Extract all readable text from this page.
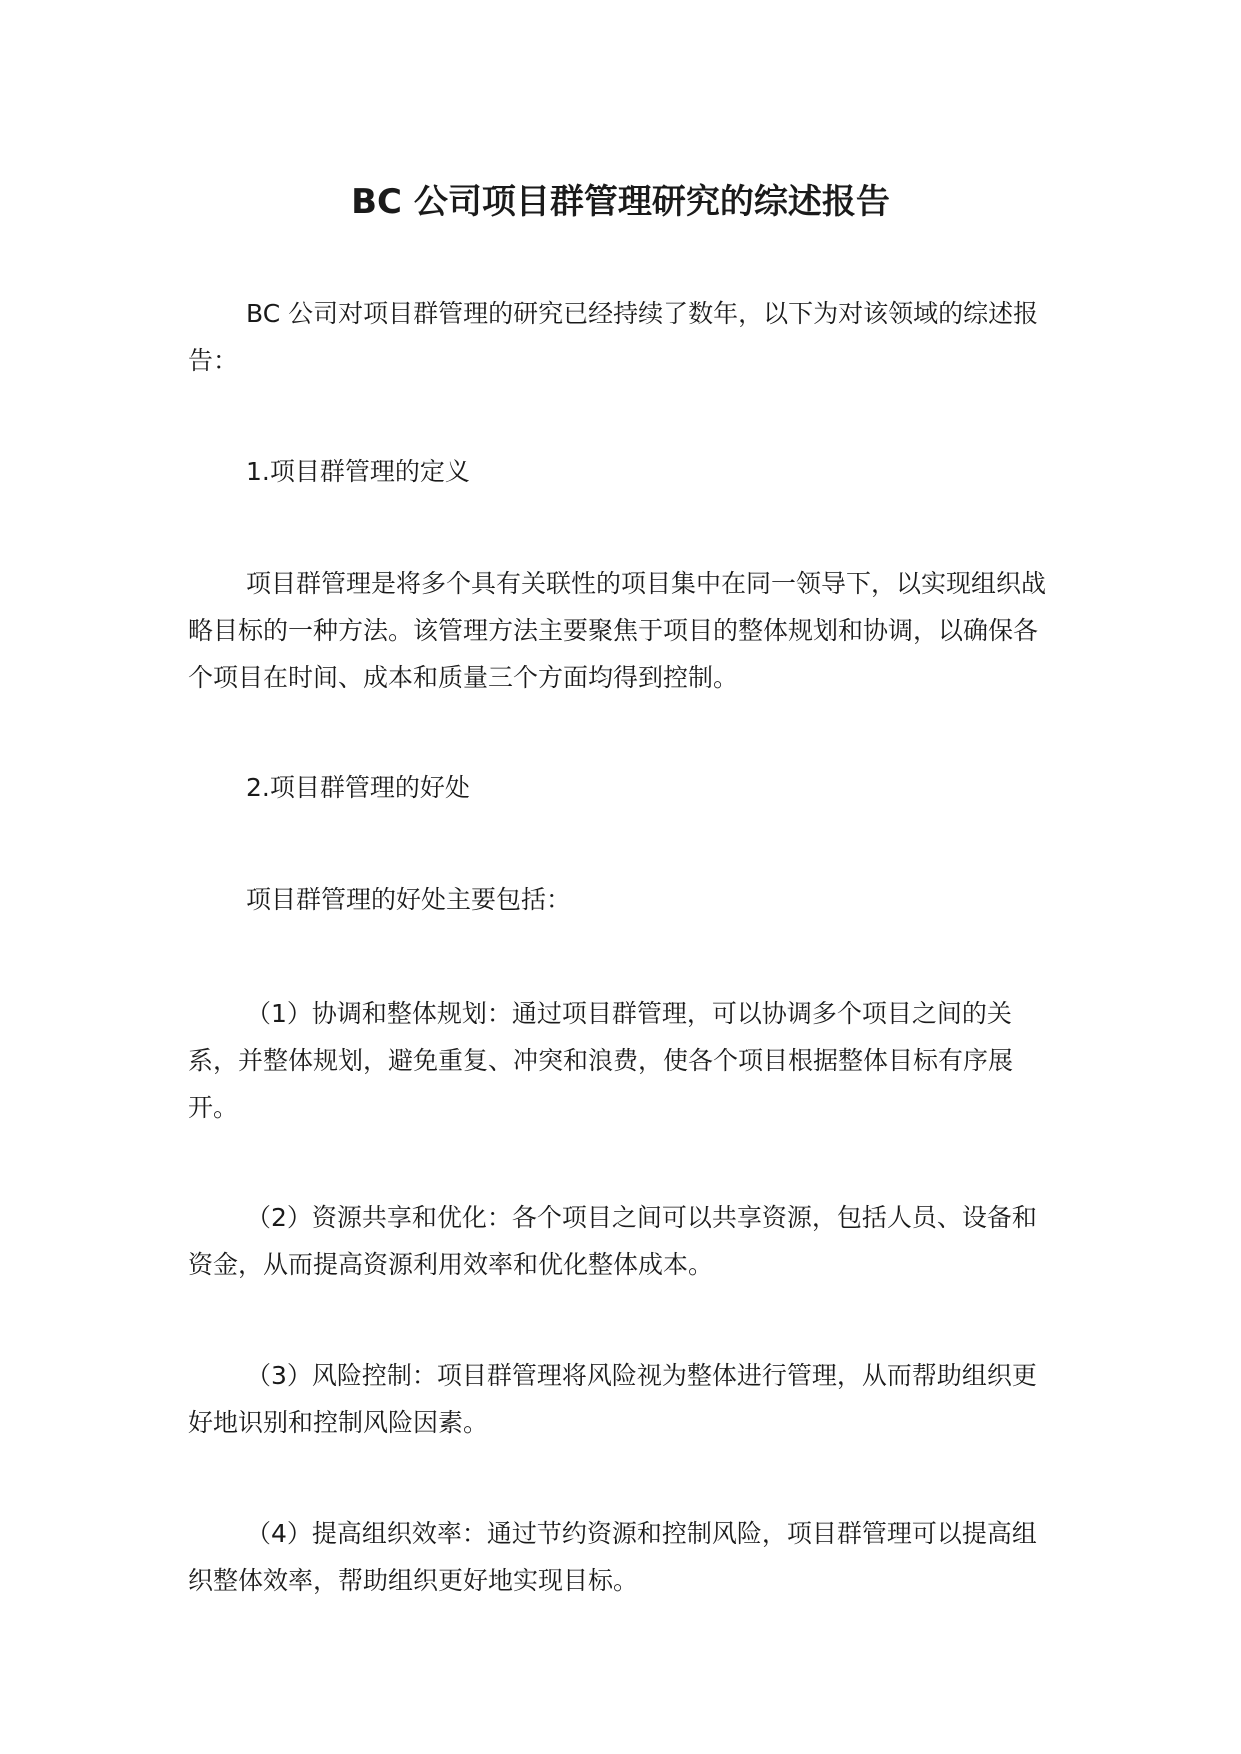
BC 公司项目群管理研究的综述报告

BC 公司对项目群管理的研究已经持续了数年，以下为对该领域的综述报告：

1.项目群管理的定义

项目群管理是将多个具有关联性的项目集中在同一领导下，以实现组织战略目标的一种方法。该管理方法主要聚焦于项目的整体规划和协调，以确保各个项目在时间、成本和质量三个方面均得到控制。

2.项目群管理的好处

项目群管理的好处主要包括：

（1）协调和整体规划：通过项目群管理，可以协调多个项目之间的关系，并整体规划，避免重复、冲突和浪费，使各个项目根据整体目标有序展开。

（2）资源共享和优化：各个项目之间可以共享资源，包括人员、设备和资金，从而提高资源利用效率和优化整体成本。

（3）风险控制：项目群管理将风险视为整体进行管理，从而帮助组织更好地识别和控制风险因素。

（4）提高组织效率：通过节约资源和控制风险，项目群管理可以提高组织整体效率，帮助组织更好地实现目标。
